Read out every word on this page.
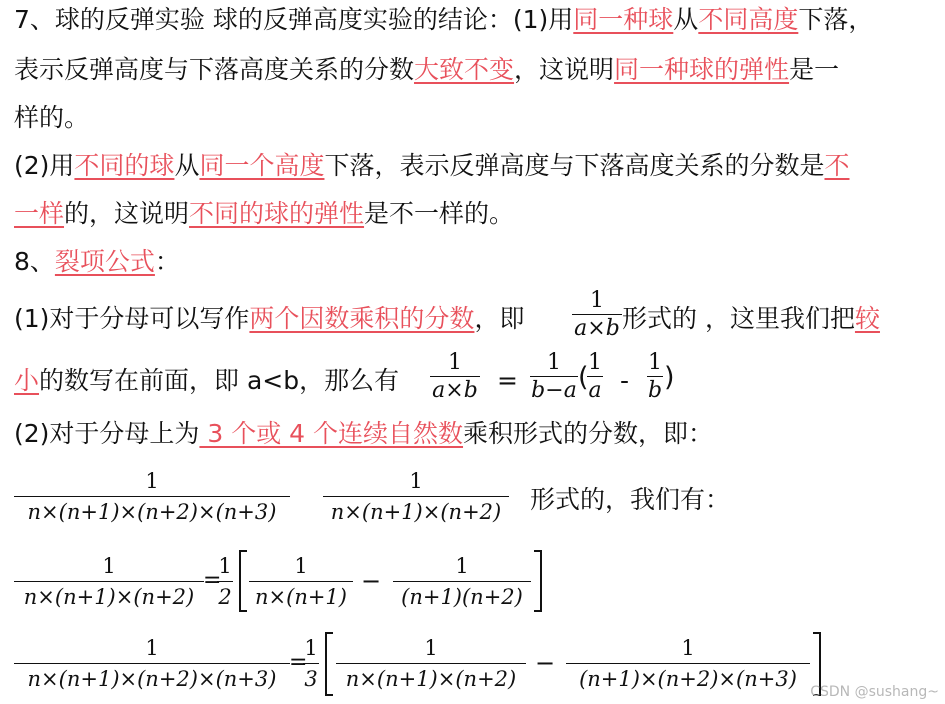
7、球的反弹实验 球的反弹高度实验的结论：(1)用同一种球从不同高度下落，
表示反弹高度与下落高度关系的分数大致不变，这说明同一种球的弹性是一
样的。
(2)用不同的球从同一个高度下落，表示反弹高度与下落高度关系的分数是不
一样的，这说明不同的球的弹性是不一样的。
8、裂项公式：
(1)对于分母可以写作两个因数乘积的分数，即 $\frac{1}{a\times b}$ 形式的 ，这里我们把较
小的数写在前面，即 a<b，那么有 $\frac{1}{a\times b} = \frac{1}{b-a}$ (
$\frac{1}{a} - \frac{1}{b}$ )
(2)对于分母上为 3 个或 4 个连续自然数乘积形式的分数，即：
$\frac{1}{n\times(n+1)\times(n+2)\times(n+3)} \frac{1}{n\times(n+1)\times(n+2)}$ 形式的，我们有：
$\frac{1}{n\times(n+1)\times(n+2)}$ =
$\frac{1}{2} \frac{1}{n\times(n+1)} - \frac{1}{(n+1)(n+2)}$
$\frac{1}{n\times(n+1)\times(n+2)\times(n+3)}$ =
$\frac{1}{3} \frac{1}{n\times(n+1)\times(n+2)} - \frac{1}{(n+1)\times(n+2)\times(n+3)}$ CSDN @sushang~
